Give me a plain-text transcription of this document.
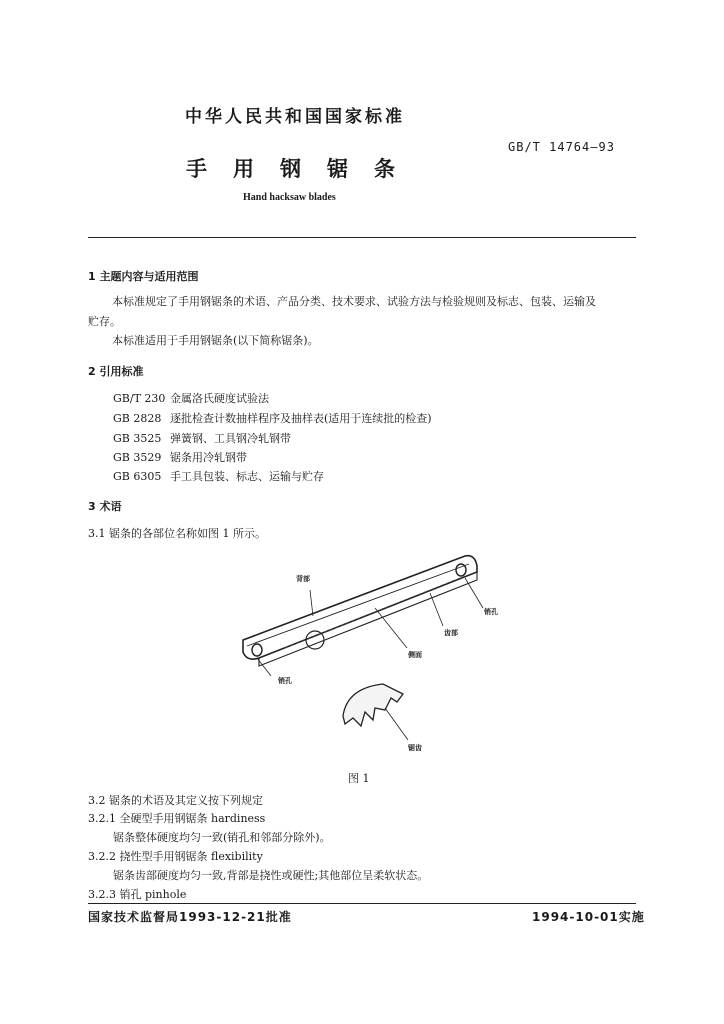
中华人民共和国国家标准
GB/T 14764—93
手用钢锯条
Hand hacksaw blades
1 主题内容与适用范围
本标准规定了手用钢锯条的术语、产品分类、技术要求、试验方法与检验规则及标志、包装、运输及
贮存。
本标准适用于手用钢锯条(以下简称锯条)。
2 引用标准
GB/T 230 金属洛氏硬度试验法
GB 2828 逐批检查计数抽样程序及抽样表(适用于连续批的检查)
GB 3525 弹簧钢、工具钢冷轧钢带
GB 3529 锯条用冷轧钢带
GB 6305 手工具包装、标志、运输与贮存
3 术语
3.1 锯条的各部位名称如图 1 所示。
背部
销孔
齿部
侧面
销孔
锯齿
图 1
3.2 锯条的术语及其定义按下列规定
3.2.1 全硬型手用钢锯条 hardiness
锯条整体硬度均匀一致(销孔和邻部分除外)。
3.2.2 挠性型手用钢锯条 flexibility
锯条齿部硬度均匀一致,背部是挠性或硬性;其他部位呈柔软状态。
3.2.3 销孔 pinhole
国家技术监督局1993-12-21批准	1994-10-01实施
